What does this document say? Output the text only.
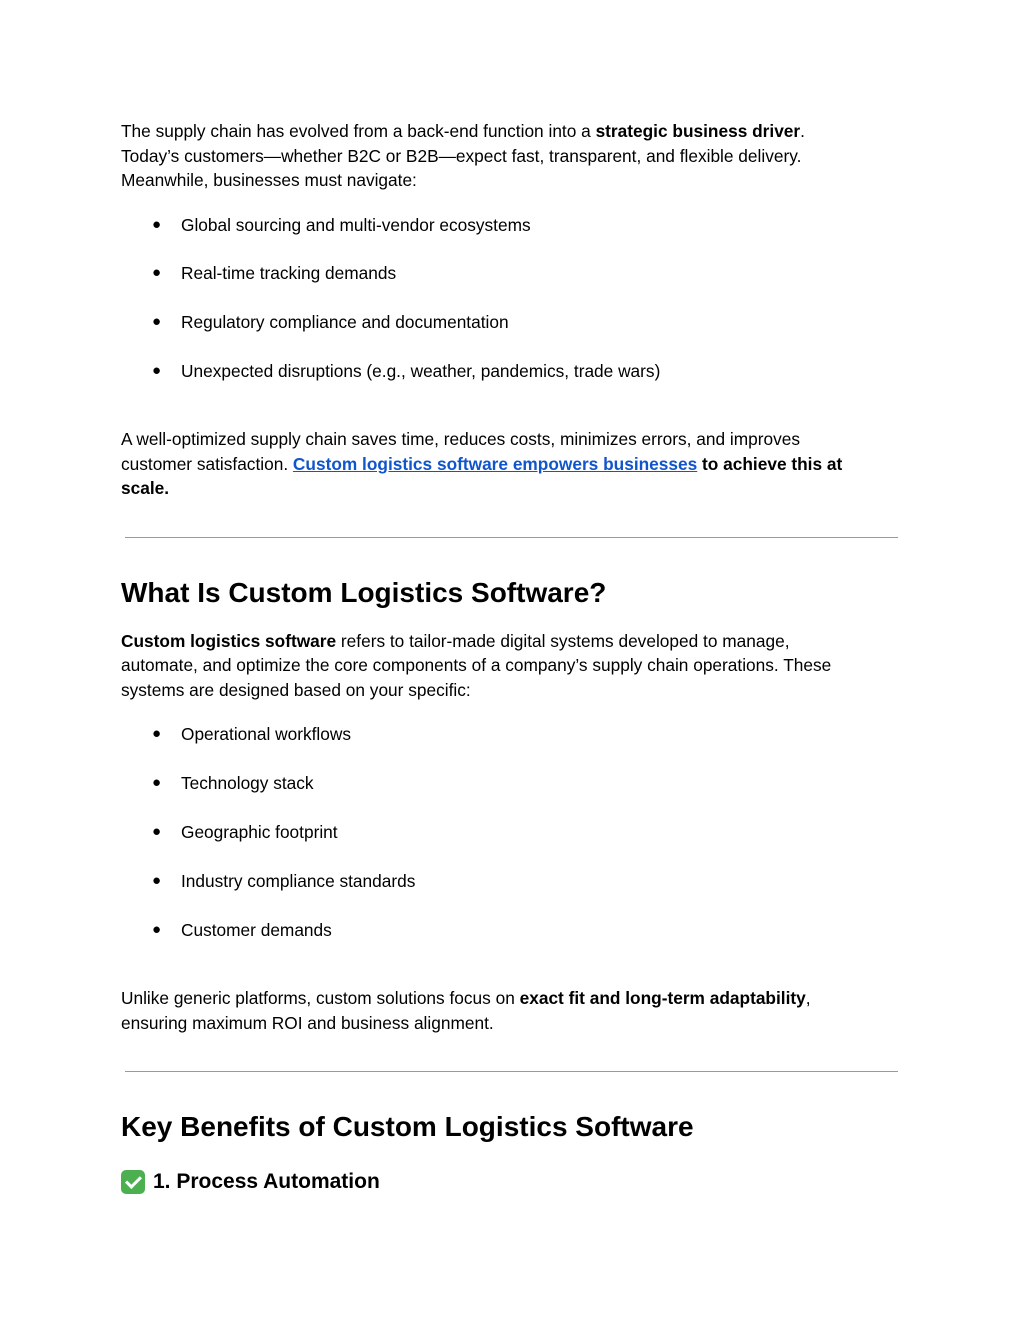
The supply chain has evolved from a back-end function into a strategic business driver.
Today’s customers—whether B2C or B2B—expect fast, transparent, and flexible delivery.
Meanwhile, businesses must navigate:

● Global sourcing and multi-vendor ecosystems
● Real-time tracking demands
● Regulatory compliance and documentation
● Unexpected disruptions (e.g., weather, pandemics, trade wars)

A well-optimized supply chain saves time, reduces costs, minimizes errors, and improves
customer satisfaction. Custom logistics software empowers businesses to achieve this at
scale.

What Is Custom Logistics Software?

Custom logistics software refers to tailor-made digital systems developed to manage,
automate, and optimize the core components of a company’s supply chain operations. These
systems are designed based on your specific:

● Operational workflows
● Technology stack
● Geographic footprint
● Industry compliance standards
● Customer demands

Unlike generic platforms, custom solutions focus on exact fit and long-term adaptability,
ensuring maximum ROI and business alignment.

Key Benefits of Custom Logistics Software
1. Process Automation
